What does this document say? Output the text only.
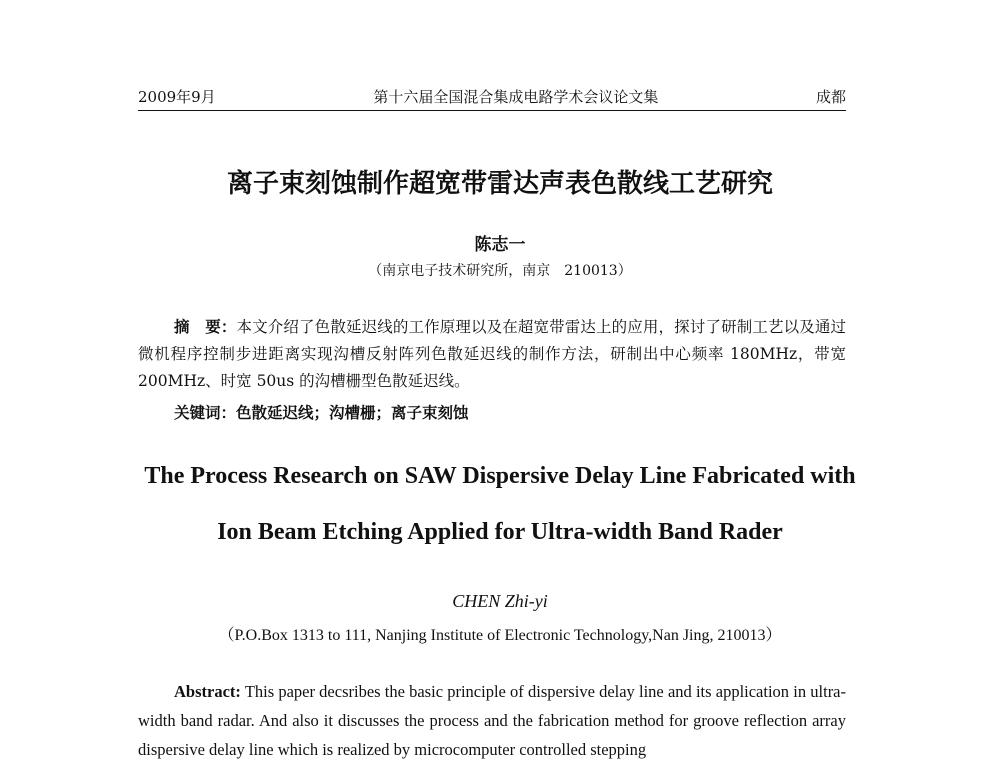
2009年9月	第十六届全国混合集成电路学术会议论文集	成都
离子束刻蚀制作超宽带雷达声表色散线工艺研究
陈志一
（南京电子技术研究所，南京　210013）
摘　要：本文介绍了色散延迟线的工作原理以及在超宽带雷达上的应用，探讨了研制工艺以及通过微机程序控制步进距离实现沟槽反射阵列色散延迟线的制作方法，研制出中心频率 180MHz，带宽 200MHz、时宽 50us 的沟槽栅型色散延迟线。
关键词：色散延迟线；沟槽栅；离子束刻蚀
The Process Research on SAW Dispersive Delay Line Fabricated with
Ion Beam Etching Applied for Ultra-width Band Rader
CHEN Zhi-yi
（P.O.Box 1313 to 111, Nanjing Institute of Electronic Technology,Nan Jing, 210013）
Abstract: This paper decsribes the basic principle of dispersive delay line and its application in ultra-width band radar. And also it discusses the process and the fabrication method for groove reflection array dispersive delay line which is realized by microcomputer controlled stepping
